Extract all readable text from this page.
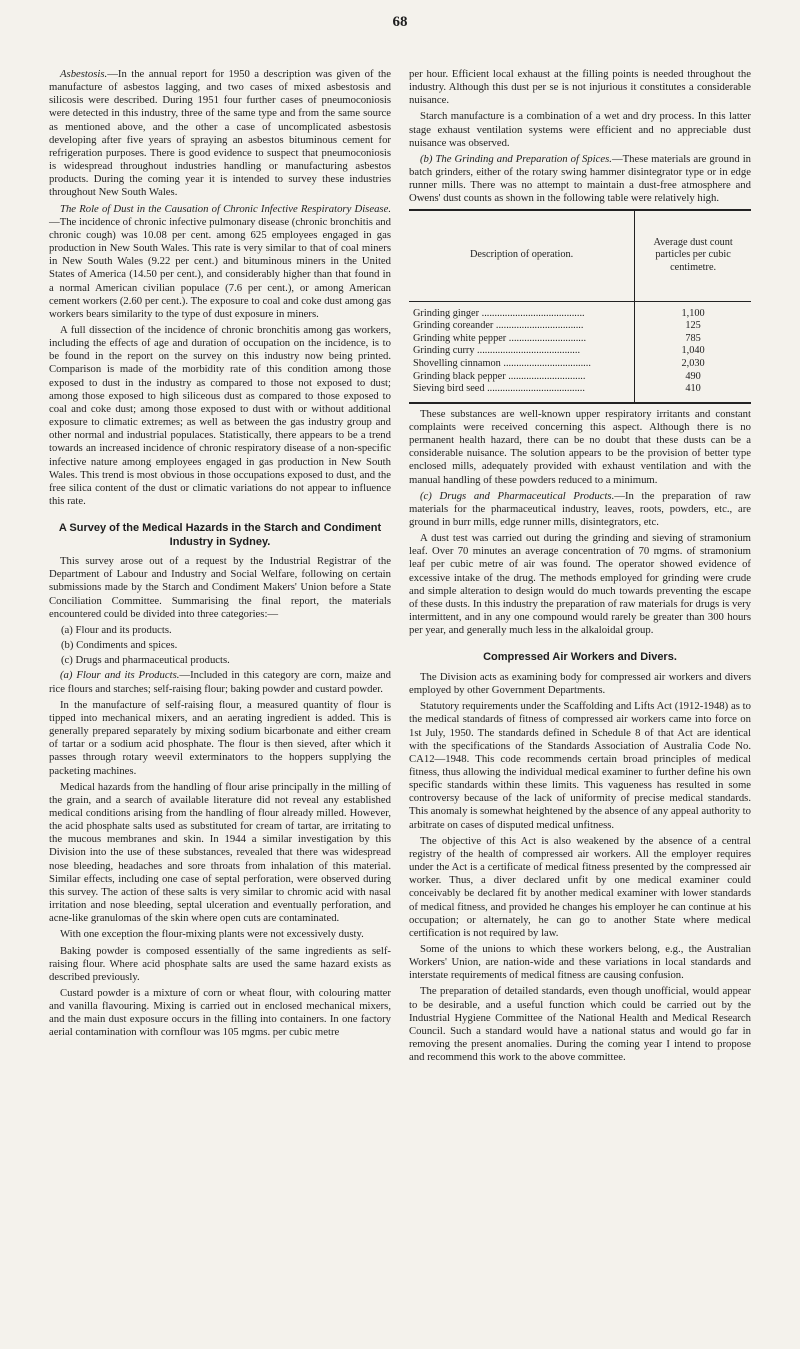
68

Asbestosis.—In the annual report for 1950 a description was given of the manufacture of asbestos lagging, and two cases of mixed asbestosis and silicosis were described. During 1951 four further cases of pneumoconiosis were detected in this industry, three of the same type and from the same source as mentioned above, and the other a case of uncomplicated asbestosis developing after five years of spraying an asbestos bituminous cement for refrigeration purposes. There is good evidence to suspect that pneumoconiosis is widespread throughout industries handling or manufacturing asbestos products. During the coming year it is intended to survey these industries throughout New South Wales.

The Role of Dust in the Causation of Chronic Infective Respiratory Disease.—The incidence of chronic infective pulmonary disease (chronic bronchitis and chronic cough) was 10.08 per cent. among 625 employees engaged in gas production in New South Wales. This rate is very similar to that of coal miners in New South Wales (9.22 per cent.) and bituminous miners in the United States of America (14.50 per cent.), and considerably higher than that found in a normal American civilian populace (7.6 per cent.), or among American cement workers (2.60 per cent.). The exposure to coal and coke dust among gas workers bears similarity to the type of dust exposure in miners.

A full dissection of the incidence of chronic bronchitis among gas workers, including the effects of age and duration of occupation on the incidence, is to be found in the report on the survey on this industry now being printed. Comparison is made of the morbidity rate of this condition among those exposed to dust in the industry as compared to those not exposed to dust; among those exposed to high siliceous dust as compared to those exposed to coal and coke dust; among those exposed to dust with or without additional exposure to climatic extremes; as well as between the gas industry group and other normal and industrial populaces. Statistically, there appears to be a trend towards an increased incidence of chronic respiratory disease of a non-specific infective nature among employees engaged in gas production in New South Wales. This trend is most obvious in those occupations exposed to dust, and the free silica content of the dust or climatic variations do not appear to influence this rate.

A Survey of the Medical Hazards in the Starch and Condiment Industry in Sydney.

This survey arose out of a request by the Industrial Registrar of the Department of Labour and Industry and Social Welfare, following on certain submissions made by the Starch and Condiment Makers' Union before a State Conciliation Committee. Summarising the final report, the materials encountered could be divided into three categories:—

(a) Flour and its products.

(b) Condiments and spices.

(c) Drugs and pharmaceutical products.

(a) Flour and its Products.—Included in this category are corn, maize and rice flours and starches; self-raising flour; baking powder and custard powder.

In the manufacture of self-raising flour, a measured quantity of flour is tipped into mechanical mixers, and an aerating ingredient is added. This is generally prepared separately by mixing sodium bicarbonate and either cream of tartar or a sodium acid phosphate. The flour is then sieved, after which it passes through rotary weevil exterminators to the hoppers supplying the packeting machines.

Medical hazards from the handling of flour arise principally in the milling of the grain, and a search of available literature did not reveal any established medical conditions arising from the handling of flour already milled. However, the acid phosphate salts used as substituted for cream of tartar, are irritating to the mucous membranes and skin. In 1944 a similar investigation by this Division into the use of these substances, revealed that there was widespread nose bleeding, headaches and sore throats from inhalation of this material. Similar effects, including one case of septal perforation, were observed during this survey. The action of these salts is very similar to chromic acid with nasal irritation and nose bleeding, septal ulceration and eventually perforation, and acne-like granulomas of the skin where open cuts are contaminated.

With one exception the flour-mixing plants were not excessively dusty.

Baking powder is composed essentially of the same ingredients as self-raising flour. Where acid phosphate salts are used the same hazard exists as described previously.

Custard powder is a mixture of corn or wheat flour, with colouring matter and vanilla flavouring. Mixing is carried out in enclosed mechanical mixers, and the main dust exposure occurs in the filling into containers. In one factory aerial contamination with cornflour was 105 mgms. per cubic metre

per hour. Efficient local exhaust at the filling points is needed throughout the industry. Although this dust per se is not injurious it constitutes a considerable nuisance.

Starch manufacture is a combination of a wet and dry process. In this latter stage exhaust ventilation systems were efficient and no appreciable dust nuisance was observed.

(b) The Grinding and Preparation of Spices.—These materials are ground in batch grinders, either of the rotary swing hammer disintegrator type or in edge runner mills. There was no attempt to maintain a dust-free atmosphere and Owens' dust counts as shown in the following table were relatively high.

Description of operation.	Average dust count particles per cubic centimetre.
Grinding ginger ........................................	1,100
Grinding coreander ..................................	125
Grinding white pepper ..............................	785
Grinding curry ........................................	1,040
Shovelling cinnamon ..................................	2,030
Grinding black pepper ..............................	490
Sieving bird seed ......................................	410

These substances are well-known upper respiratory irritants and constant complaints were received concerning this aspect. Although there is no permanent health hazard, there can be no doubt that these dusts can be a considerable nuisance. The solution appears to be the provision of better type enclosed mills, adequately provided with exhaust ventilation and with the manual handling of these powders reduced to a minimum.

(c) Drugs and Pharmaceutical Products.—In the preparation of raw materials for the pharmaceutical industry, leaves, roots, powders, etc., are ground in burr mills, edge runner mills, disintegrators, etc.

A dust test was carried out during the grinding and sieving of stramonium leaf. Over 70 minutes an average concentration of 70 mgms. of stramonium leaf per cubic metre of air was found. The operator showed evidence of excessive intake of the drug. The methods employed for grinding were crude and simple alteration to design would do much towards preventing the escape of these dusts. In this industry the preparation of raw materials for drugs is very intermittent, and in any one compound would rarely be greater than 300 hours per year, and generally much less in the alkaloidal group.

Compressed Air Workers and Divers.

The Division acts as examining body for compressed air workers and divers employed by other Government Departments.

Statutory requirements under the Scaffolding and Lifts Act (1912-1948) as to the medical standards of fitness of compressed air workers came into force on 1st July, 1950. The standards defined in Schedule 8 of that Act are identical with the specifications of the Standards Association of Australia Code No. CA12—1948. This code recommends certain broad principles of medical fitness, thus allowing the individual medical examiner to further define his own specific standards within these limits. This vagueness has resulted in some controversy because of the lack of uniformity of precise medical standards. This anomaly is somewhat heightened by the absence of any appeal authority to arbitrate on cases of disputed medical unfitness.

The objective of this Act is also weakened by the absence of a central registry of the health of compressed air workers. All the employer requires under the Act is a certificate of medical fitness presented by the compressed air worker. Thus, a diver declared unfit by one medical examiner could conceivably be declared fit by another medical examiner with lower standards of medical fitness, and provided he changes his employer he can continue at his occupation; or alternately, he can go to another State where medical certification is not required by law.

Some of the unions to which these workers belong, e.g., the Australian Workers' Union, are nation-wide and these variations in local standards and interstate requirements of medical fitness are causing confusion.

The preparation of detailed standards, even though unofficial, would appear to be desirable, and a useful function which could be carried out by the Industrial Hygiene Committee of the National Health and Medical Research Council. Such a standard would have a national status and would go far in removing the present anomalies. During the coming year I intend to propose and recommend this work to the above committee.
